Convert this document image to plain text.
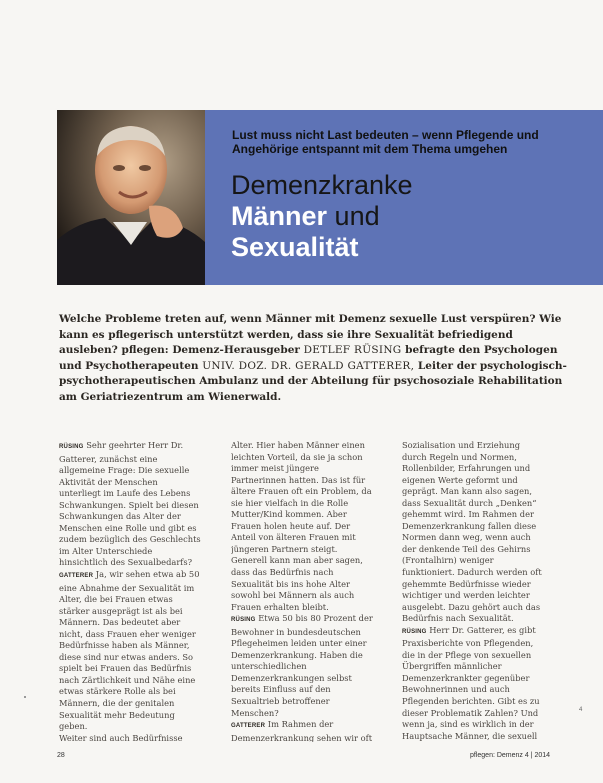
Lust muss nicht Last bedeuten – wenn Pflegende und Angehörige entspannt mit dem Thema umgehen

Demenzkranke
Männer und
Sexualität

Welche Probleme treten auf, wenn Männer mit Demenz sexuelle Lust verspüren? Wie kann es pflegerisch unterstützt werden, dass sie ihre Sexualität befriedigend ausleben? pflegen: Demenz-Herausgeber DETLEF RÜSING befragte den Psychologen und Psychotherapeuten UNIV. DOZ. DR. GERALD GATTERER, Leiter der psychologisch-psychotherapeutischen Ambulanz und der Abteilung für psychosoziale Rehabilitation am Geriatriezentrum am Wienerwald.

RÜSING Sehr geehrter Herr Dr. Gatterer, zunächst eine allgemeine Frage: Die sexuelle Aktivität der Menschen unterliegt im Laufe des Lebens Schwankungen. Spielt bei diesen Schwankungen das Alter der Menschen eine Rolle und gibt es zudem bezüglich des Geschlechts im Alter Unterschiede hinsichtlich des Sexualbedarfs?

GATTERER Ja, wir sehen etwa ab 50 eine Abnahme der Sexualität im Alter, die bei Frauen etwas stärker ausgeprägt ist als bei Männern. Das bedeutet aber nicht, dass Frauen eher weniger Bedürfnisse haben als Männer, diese sind nur etwas anders. So spielt bei Frauen das Bedürfnis nach Zärtlichkeit und Nähe eine etwas stärkere Rolle als bei Männern, die der genitalen Sexualität mehr Bedeutung geben.

Weiter sind auch Bedürfnisse

Alter. Hier haben Männer einen leichten Vorteil, da sie ja schon immer meist jüngere Partnerinnen hatten. Das ist für ältere Frauen oft ein Problem, da sie hier vielfach in die Rolle Mutter/Kind kommen. Aber Frauen holen heute auf. Der Anteil von älteren Frauen mit jüngeren Partnern steigt. Generell kann man aber sagen, dass das Bedürfnis nach Sexualität bis ins hohe Alter sowohl bei Männern als auch Frauen erhalten bleibt.

RÜSING Etwa 50 bis 80 Prozent der Bewohner in bundesdeutschen Pflegeheimen leiden unter einer Demenzerkrankung. Haben die unterschiedlichen Demenzerkrankungen selbst bereits Einfluss auf den Sexualtrieb betroffener Menschen?

GATTERER Im Rahmen der Demenzerkrankung sehen wir oft

Sozialisation und Erziehung durch Regeln und Normen, Rollenbilder, Erfahrungen und eigenen Werte geformt und geprägt. Man kann also sagen, dass Sexualität durch „Denken“ gehemmt wird. Im Rahmen der Demenzerkrankung fallen diese Normen dann weg, wenn auch der denkende Teil des Gehirns (Frontalhirn) weniger funktioniert. Dadurch werden oft gehemmte Bedürfnisse wieder wichtiger und werden leichter ausgelebt. Dazu gehört auch das Bedürfnis nach Sexualität.

RÜSING Herr Dr. Gatterer, es gibt Praxisberichte von Pflegenden, die in der Pflege von sexuellen Übergriffen männlicher Demenzerkrankter gegenüber Bewohnerinnen und auch Pflegenden berichten. Gibt es zu dieser Problematik Zahlen? Und wenn ja, sind es wirklich in der Hauptsache Männer, die sexuell

4
28	pflegen: Demenz 4 | 2014
